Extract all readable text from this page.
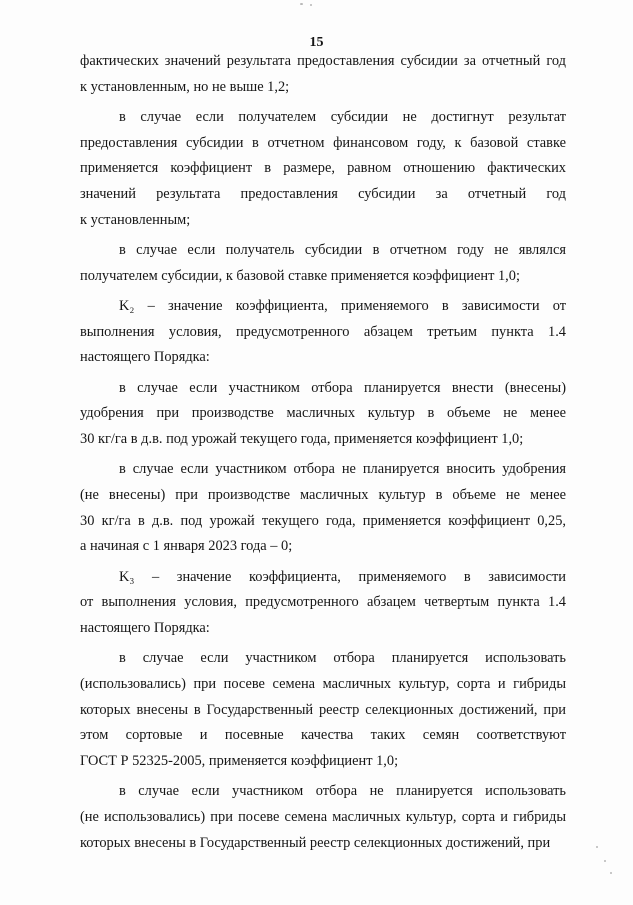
15
фактических значений результата предоставления субсидии за отчетный год
к установленным, но не выше 1,2;
в случае если получателем субсидии не достигнут результат
предоставления субсидии в отчетном финансовом году, к базовой ставке
применяется коэффициент в размере, равном отношению фактических
значений результата предоставления субсидии за отчетный год
к установленным;
в случае если получатель субсидии в отчетном году не являлся
получателем субсидии, к базовой ставке применяется коэффициент 1,0;
K₂ – значение коэффициента, применяемого в зависимости от
выполнения условия, предусмотренного абзацем третьим пункта 1.4
настоящего Порядка:
в случае если участником отбора планируется внести (внесены)
удобрения при производстве масличных культур в объеме не менее
30 кг/га в д.в. под урожай текущего года, применяется коэффициент 1,0;
в случае если участником отбора не планируется вносить удобрения
(не внесены) при производстве масличных культур в объеме не менее
30 кг/га в д.в. под урожай текущего года, применяется коэффициент 0,25,
а начиная с 1 января 2023 года – 0;
K₃ – значение коэффициента, применяемого в зависимости
от выполнения условия, предусмотренного абзацем четвертым пункта 1.4
настоящего Порядка:
в случае если участником отбора планируется использовать
(использовались) при посеве семена масличных культур, сорта и гибриды
которых внесены в Государственный реестр селекционных достижений, при
этом сортовые и посевные качества таких семян соответствуют
ГОСТ Р 52325-2005, применяется коэффициент 1,0;
в случае если участником отбора не планируется использовать
(не использовались) при посеве семена масличных культур, сорта и гибриды
которых внесены в Государственный реестр селекционных достижений, при
